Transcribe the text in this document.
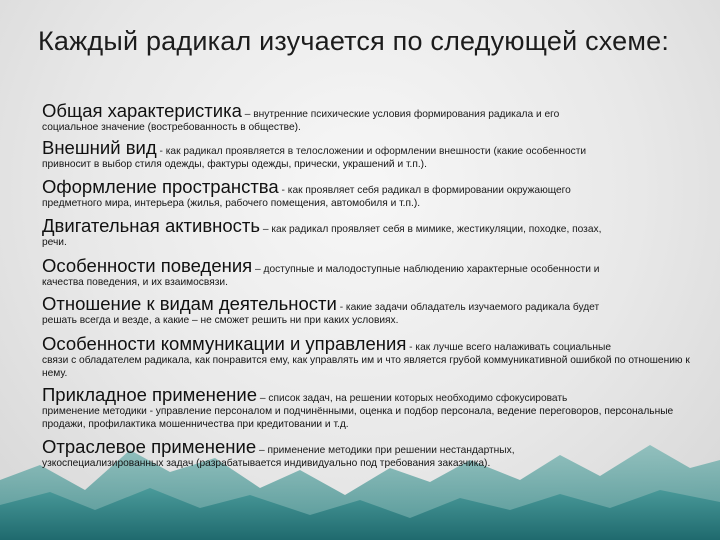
Каждый радикал изучается по следующей схеме:
Общая характеристика – внутренние психические условия формирования радикала и его
социальное значение (востребованность в обществе).
Внешний вид - как радикал проявляется в телосложении и оформлении внешности (какие особенности
привносит в выбор стиля одежды, фактуры одежды, прически, украшений и т.п.).
Оформление пространства - как проявляет себя радикал в формировании окружающего
предметного мира, интерьера (жилья, рабочего помещения, автомобиля и т.п.).
Двигательная активность – как радикал проявляет себя в мимике, жестикуляции, походке, позах,
речи.
Особенности поведения – доступные и малодоступные наблюдению характерные особенности и
качества поведения, и их взаимосвязи.
Отношение к видам деятельности - какие задачи обладатель изучаемого радикала будет
решать всегда и везде, а какие – не сможет решить ни при каких условиях.
Особенности коммуникации и управления - как лучше всего налаживать социальные
связи с обладателем радикала, как понравится ему, как управлять им и что является грубой коммуникативной ошибкой по отношению к нему.
Прикладное применение – список задач, на решении которых необходимо сфокусировать
применение методики - управление персоналом и подчинёнными, оценка и подбор персонала, ведение переговоров, персональные продажи, профилактика мошенничества при кредитовании и т.д.
Отраслевое применение – применение методики при решении нестандартных,
узкоспециализированных задач (разрабатывается индивидуально под требования заказчика).
